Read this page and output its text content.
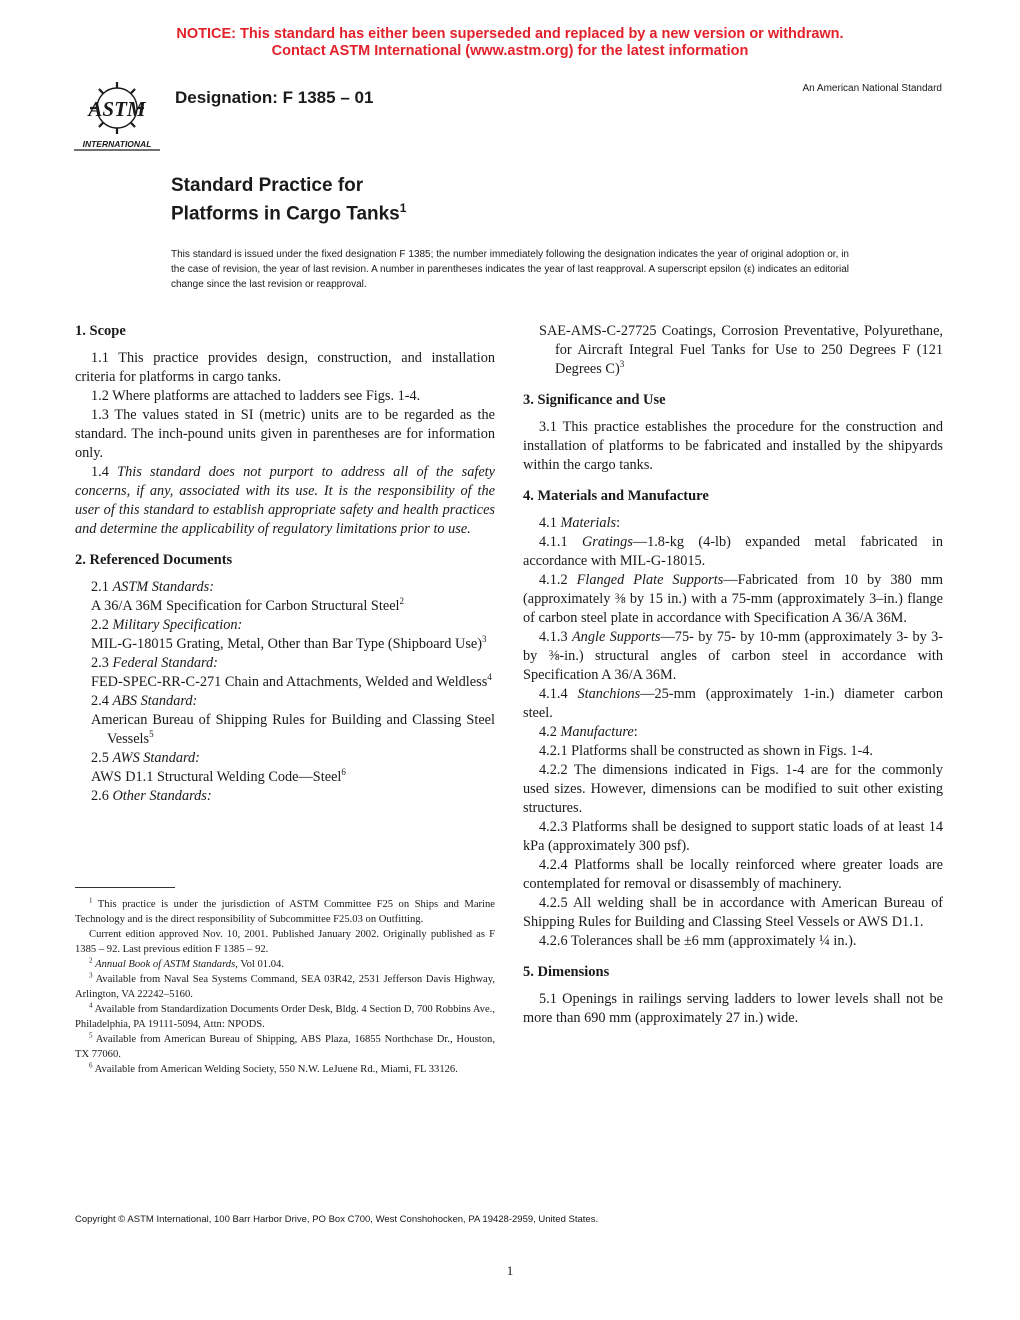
NOTICE: This standard has either been superseded and replaced by a new version or withdrawn.
Contact ASTM International (www.astm.org) for the latest information
ASTM
INTERNATIONAL
Designation: F 1385 – 01	An American National Standard
Standard Practice for
Platforms in Cargo Tanks$^1$
This standard is issued under the fixed designation F 1385; the number immediately following the designation indicates the year of original adoption or, in the case of revision, the year of last revision. A number in parentheses indicates the year of last reapproval. A superscript epsilon (ε) indicates an editorial change since the last revision or reapproval.
1. Scope

1.1 This practice provides design, construction, and installation criteria for platforms in cargo tanks.

1.2 Where platforms are attached to ladders see Figs. 1-4.

1.3 The values stated in SI (metric) units are to be regarded as the standard. The inch-pound units given in parentheses are for information only.

1.4 This standard does not purport to address all of the safety concerns, if any, associated with its use. It is the responsibility of the user of this standard to establish appropriate safety and health practices and determine the applicability of regulatory limitations prior to use.

2. Referenced Documents

2.1 ASTM Standards:

A 36/A 36M Specification for Carbon Structural Steel$^2$

2.2 Military Specification:

MIL-G-18015 Grating, Metal, Other than Bar Type (Shipboard Use)$^3$

2.3 Federal Standard:

FED-SPEC-RR-C-271 Chain and Attachments, Welded and Weldless$^4$

2.4 ABS Standard:

American Bureau of Shipping Rules for Building and Classing Steel Vessels$^5$

2.5 AWS Standard:

AWS D1.1 Structural Welding Code—Steel$^6$

2.6 Other Standards:

$^1$ This practice is under the jurisdiction of ASTM Committee F25 on Ships and Marine Technology and is the direct responsibility of Subcommittee F25.03 on Outfitting.

Current edition approved Nov. 10, 2001. Published January 2002. Originally published as F 1385 – 92. Last previous edition F 1385 – 92.

$^2$ Annual Book of ASTM Standards, Vol 01.04.

$^3$ Available from Naval Sea Systems Command, SEA 03R42, 2531 Jefferson Davis Highway, Arlington, VA 22242–5160.

$^4$ Available from Standardization Documents Order Desk, Bldg. 4 Section D, 700 Robbins Ave., Philadelphia, PA 19111-5094, Attn: NPODS.

$^5$ Available from American Bureau of Shipping, ABS Plaza, 16855 Northchase Dr., Houston, TX 77060.

$^6$ Available from American Welding Society, 550 N.W. LeJuene Rd., Miami, FL 33126.

SAE-AMS-C-27725 Coatings, Corrosion Preventative, Polyurethane, for Aircraft Integral Fuel Tanks for Use to 250 Degrees F (121 Degrees C)$^3$

3. Significance and Use

3.1 This practice establishes the procedure for the construction and installation of platforms to be fabricated and installed by the shipyards within the cargo tanks.

4. Materials and Manufacture

4.1 Materials:

4.1.1 Gratings—1.8-kg (4-lb) expanded metal fabricated in accordance with MIL-G-18015.

4.1.2 Flanged Plate Supports—Fabricated from 10 by 380 mm (approximately ⅜ by 15 in.) with a 75-mm (approximately 3–in.) flange of carbon steel plate in accordance with Specification A 36/A 36M.

4.1.3 Angle Supports—75- by 75- by 10-mm (approximately 3- by 3- by ⅜-in.) structural angles of carbon steel in accordance with Specification A 36/A 36M.

4.1.4 Stanchions—25-mm (approximately 1-in.) diameter carbon steel.

4.2 Manufacture:

4.2.1 Platforms shall be constructed as shown in Figs. 1-4.

4.2.2 The dimensions indicated in Figs. 1-4 are for the commonly used sizes. However, dimensions can be modified to suit other existing structures.

4.2.3 Platforms shall be designed to support static loads of at least 14 kPa (approximately 300 psf).

4.2.4 Platforms shall be locally reinforced where greater loads are contemplated for removal or disassembly of machinery.

4.2.5 All welding shall be in accordance with American Bureau of Shipping Rules for Building and Classing Steel Vessels or AWS D1.1.

4.2.6 Tolerances shall be ±6 mm (approximately ¼ in.).

5. Dimensions

5.1 Openings in railings serving ladders to lower levels shall not be more than 690 mm (approximately 27 in.) wide.

Copyright © ASTM International, 100 Barr Harbor Drive, PO Box C700, West Conshohocken, PA 19428-2959, United States.
1
